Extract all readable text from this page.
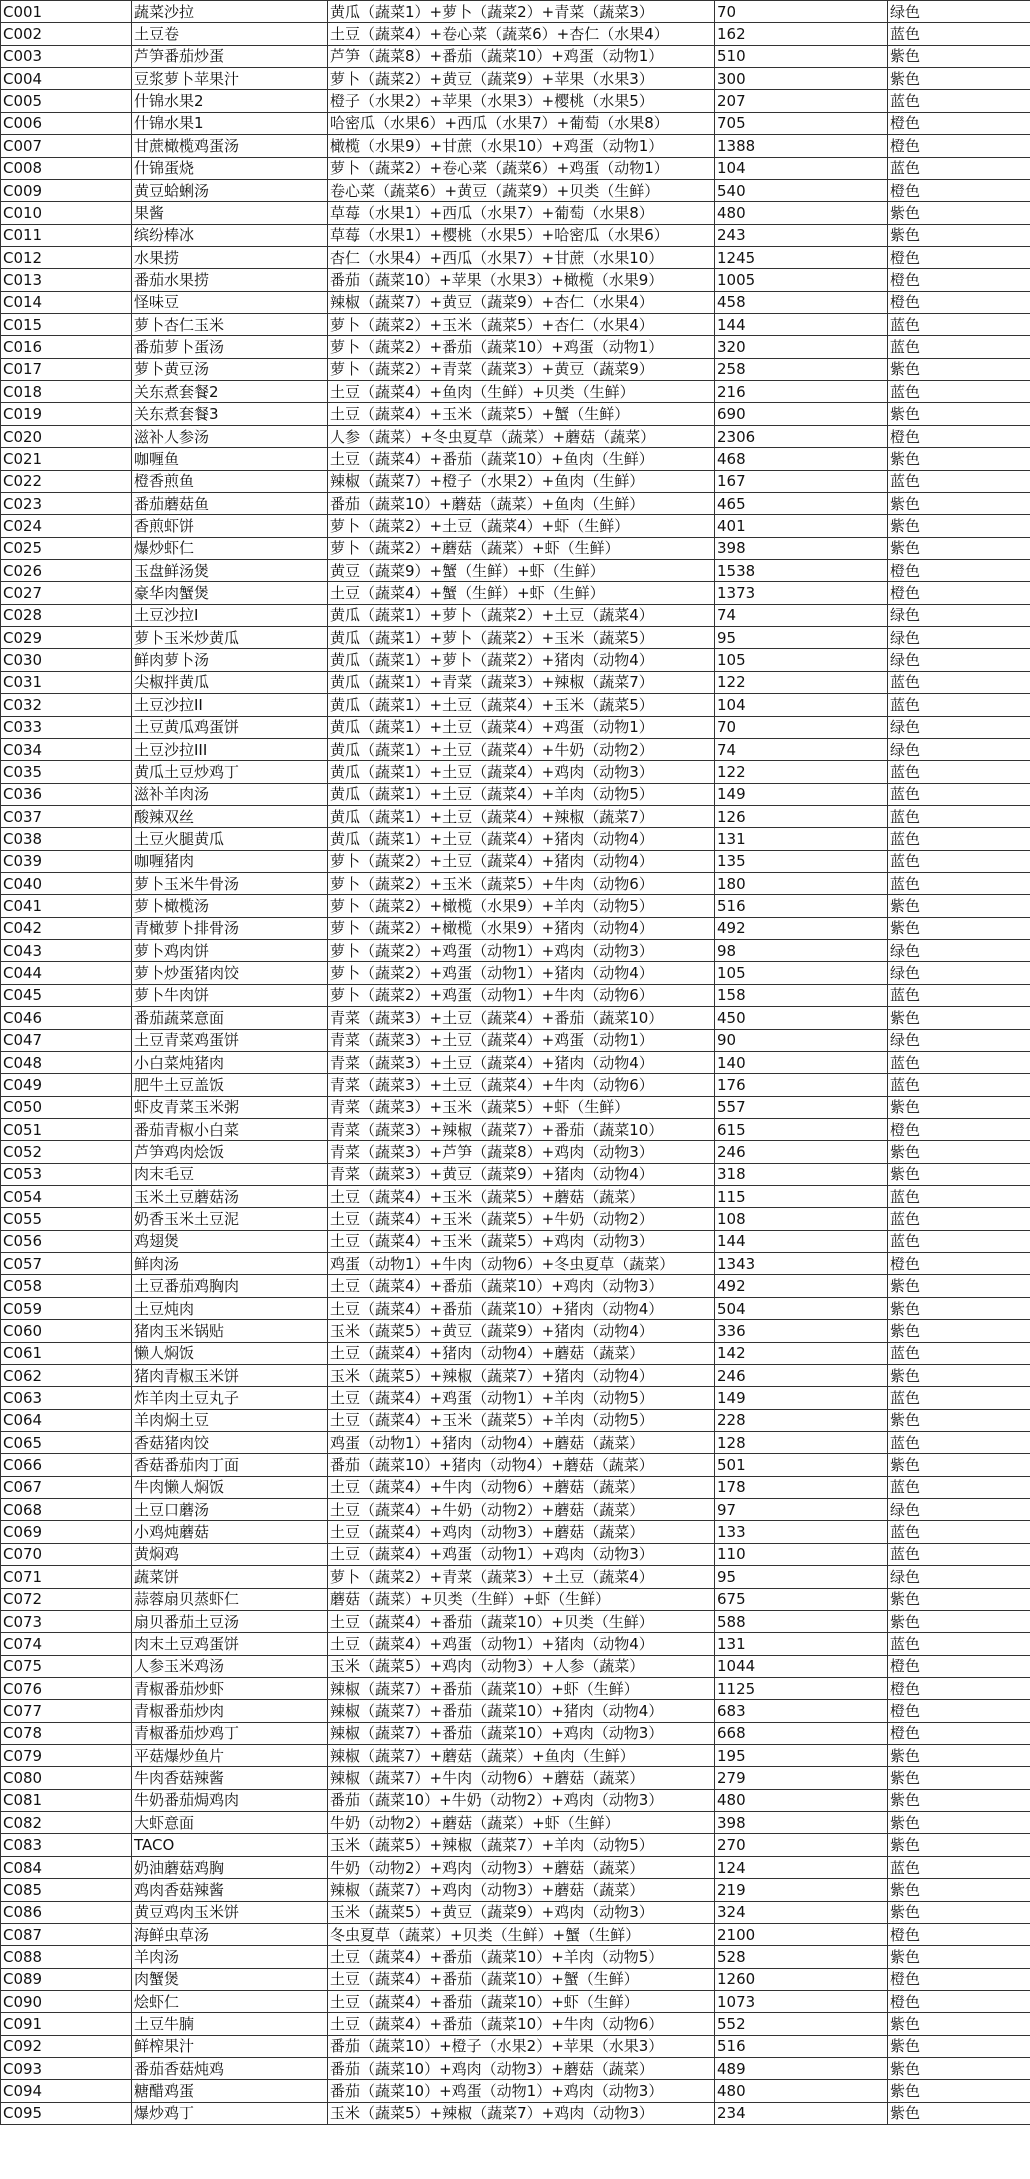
C001	蔬菜沙拉	黄瓜（蔬菜1）+萝卜（蔬菜2）+青菜（蔬菜3）	70	绿色
C002	土豆卷	土豆（蔬菜4）+卷心菜（蔬菜6）+杏仁（水果4）	162	蓝色
C003	芦笋番茄炒蛋	芦笋（蔬菜8）+番茄（蔬菜10）+鸡蛋（动物1）	510	紫色
C004	豆浆萝卜苹果汁	萝卜（蔬菜2）+黄豆（蔬菜9）+苹果（水果3）	300	紫色
C005	什锦水果2	橙子（水果2）+苹果（水果3）+樱桃（水果5）	207	蓝色
C006	什锦水果1	哈密瓜（水果6）+西瓜（水果7）+葡萄（水果8）	705	橙色
C007	甘蔗橄榄鸡蛋汤	橄榄（水果9）+甘蔗（水果10）+鸡蛋（动物1）	1388	橙色
C008	什锦蛋烧	萝卜（蔬菜2）+卷心菜（蔬菜6）+鸡蛋（动物1）	104	蓝色
C009	黄豆蛤蜊汤	卷心菜（蔬菜6）+黄豆（蔬菜9）+贝类（生鲜）	540	橙色
C010	果酱	草莓（水果1）+西瓜（水果7）+葡萄（水果8）	480	紫色
C011	缤纷棒冰	草莓（水果1）+樱桃（水果5）+哈密瓜（水果6）	243	紫色
C012	水果捞	杏仁（水果4）+西瓜（水果7）+甘蔗（水果10）	1245	橙色
C013	番茄水果捞	番茄（蔬菜10）+苹果（水果3）+橄榄（水果9）	1005	橙色
C014	怪味豆	辣椒（蔬菜7）+黄豆（蔬菜9）+杏仁（水果4）	458	橙色
C015	萝卜杏仁玉米	萝卜（蔬菜2）+玉米（蔬菜5）+杏仁（水果4）	144	蓝色
C016	番茄萝卜蛋汤	萝卜（蔬菜2）+番茄（蔬菜10）+鸡蛋（动物1）	320	蓝色
C017	萝卜黄豆汤	萝卜（蔬菜2）+青菜（蔬菜3）+黄豆（蔬菜9）	258	紫色
C018	关东煮套餐2	土豆（蔬菜4）+鱼肉（生鲜）+贝类（生鲜）	216	蓝色
C019	关东煮套餐3	土豆（蔬菜4）+玉米（蔬菜5）+蟹（生鲜）	690	紫色
C020	滋补人参汤	人参（蔬菜）+冬虫夏草（蔬菜）+蘑菇（蔬菜）	2306	橙色
C021	咖喱鱼	土豆（蔬菜4）+番茄（蔬菜10）+鱼肉（生鲜）	468	紫色
C022	橙香煎鱼	辣椒（蔬菜7）+橙子（水果2）+鱼肉（生鲜）	167	蓝色
C023	番茄蘑菇鱼	番茄（蔬菜10）+蘑菇（蔬菜）+鱼肉（生鲜）	465	紫色
C024	香煎虾饼	萝卜（蔬菜2）+土豆（蔬菜4）+虾（生鲜）	401	紫色
C025	爆炒虾仁	萝卜（蔬菜2）+蘑菇（蔬菜）+虾（生鲜）	398	紫色
C026	玉盘鲜汤煲	黄豆（蔬菜9）+蟹（生鲜）+虾（生鲜）	1538	橙色
C027	豪华肉蟹煲	土豆（蔬菜4）+蟹（生鲜）+虾（生鲜）	1373	橙色
C028	土豆沙拉I	黄瓜（蔬菜1）+萝卜（蔬菜2）+土豆（蔬菜4）	74	绿色
C029	萝卜玉米炒黄瓜	黄瓜（蔬菜1）+萝卜（蔬菜2）+玉米（蔬菜5）	95	绿色
C030	鲜肉萝卜汤	黄瓜（蔬菜1）+萝卜（蔬菜2）+猪肉（动物4）	105	绿色
C031	尖椒拌黄瓜	黄瓜（蔬菜1）+青菜（蔬菜3）+辣椒（蔬菜7）	122	蓝色
C032	土豆沙拉II	黄瓜（蔬菜1）+土豆（蔬菜4）+玉米（蔬菜5）	104	蓝色
C033	土豆黄瓜鸡蛋饼	黄瓜（蔬菜1）+土豆（蔬菜4）+鸡蛋（动物1）	70	绿色
C034	土豆沙拉III	黄瓜（蔬菜1）+土豆（蔬菜4）+牛奶（动物2）	74	绿色
C035	黄瓜土豆炒鸡丁	黄瓜（蔬菜1）+土豆（蔬菜4）+鸡肉（动物3）	122	蓝色
C036	滋补羊肉汤	黄瓜（蔬菜1）+土豆（蔬菜4）+羊肉（动物5）	149	蓝色
C037	酸辣双丝	黄瓜（蔬菜1）+土豆（蔬菜4）+辣椒（蔬菜7）	126	蓝色
C038	土豆火腿黄瓜	黄瓜（蔬菜1）+土豆（蔬菜4）+猪肉（动物4）	131	蓝色
C039	咖喱猪肉	萝卜（蔬菜2）+土豆（蔬菜4）+猪肉（动物4）	135	蓝色
C040	萝卜玉米牛骨汤	萝卜（蔬菜2）+玉米（蔬菜5）+牛肉（动物6）	180	蓝色
C041	萝卜橄榄汤	萝卜（蔬菜2）+橄榄（水果9）+羊肉（动物5）	516	紫色
C042	青橄萝卜排骨汤	萝卜（蔬菜2）+橄榄（水果9）+猪肉（动物4）	492	紫色
C043	萝卜鸡肉饼	萝卜（蔬菜2）+鸡蛋（动物1）+鸡肉（动物3）	98	绿色
C044	萝卜炒蛋猪肉饺	萝卜（蔬菜2）+鸡蛋（动物1）+猪肉（动物4）	105	绿色
C045	萝卜牛肉饼	萝卜（蔬菜2）+鸡蛋（动物1）+牛肉（动物6）	158	蓝色
C046	番茄蔬菜意面	青菜（蔬菜3）+土豆（蔬菜4）+番茄（蔬菜10）	450	紫色
C047	土豆青菜鸡蛋饼	青菜（蔬菜3）+土豆（蔬菜4）+鸡蛋（动物1）	90	绿色
C048	小白菜炖猪肉	青菜（蔬菜3）+土豆（蔬菜4）+猪肉（动物4）	140	蓝色
C049	肥牛土豆盖饭	青菜（蔬菜3）+土豆（蔬菜4）+牛肉（动物6）	176	蓝色
C050	虾皮青菜玉米粥	青菜（蔬菜3）+玉米（蔬菜5）+虾（生鲜）	557	紫色
C051	番茄青椒小白菜	青菜（蔬菜3）+辣椒（蔬菜7）+番茄（蔬菜10）	615	橙色
C052	芦笋鸡肉烩饭	青菜（蔬菜3）+芦笋（蔬菜8）+鸡肉（动物3）	246	紫色
C053	肉末毛豆	青菜（蔬菜3）+黄豆（蔬菜9）+猪肉（动物4）	318	紫色
C054	玉米土豆蘑菇汤	土豆（蔬菜4）+玉米（蔬菜5）+蘑菇（蔬菜）	115	蓝色
C055	奶香玉米土豆泥	土豆（蔬菜4）+玉米（蔬菜5）+牛奶（动物2）	108	蓝色
C056	鸡翅煲	土豆（蔬菜4）+玉米（蔬菜5）+鸡肉（动物3）	144	蓝色
C057	鲜肉汤	鸡蛋（动物1）+牛肉（动物6）+冬虫夏草（蔬菜）	1343	橙色
C058	土豆番茄鸡胸肉	土豆（蔬菜4）+番茄（蔬菜10）+鸡肉（动物3）	492	紫色
C059	土豆炖肉	土豆（蔬菜4）+番茄（蔬菜10）+猪肉（动物4）	504	紫色
C060	猪肉玉米锅贴	玉米（蔬菜5）+黄豆（蔬菜9）+猪肉（动物4）	336	紫色
C061	懒人焖饭	土豆（蔬菜4）+猪肉（动物4）+蘑菇（蔬菜）	142	蓝色
C062	猪肉青椒玉米饼	玉米（蔬菜5）+辣椒（蔬菜7）+猪肉（动物4）	246	紫色
C063	炸羊肉土豆丸子	土豆（蔬菜4）+鸡蛋（动物1）+羊肉（动物5）	149	蓝色
C064	羊肉焖土豆	土豆（蔬菜4）+玉米（蔬菜5）+羊肉（动物5）	228	紫色
C065	香菇猪肉饺	鸡蛋（动物1）+猪肉（动物4）+蘑菇（蔬菜）	128	蓝色
C066	香菇番茄肉丁面	番茄（蔬菜10）+猪肉（动物4）+蘑菇（蔬菜）	501	紫色
C067	牛肉懒人焖饭	土豆（蔬菜4）+牛肉（动物6）+蘑菇（蔬菜）	178	蓝色
C068	土豆口蘑汤	土豆（蔬菜4）+牛奶（动物2）+蘑菇（蔬菜）	97	绿色
C069	小鸡炖蘑菇	土豆（蔬菜4）+鸡肉（动物3）+蘑菇（蔬菜）	133	蓝色
C070	黄焖鸡	土豆（蔬菜4）+鸡蛋（动物1）+鸡肉（动物3）	110	蓝色
C071	蔬菜饼	萝卜（蔬菜2）+青菜（蔬菜3）+土豆（蔬菜4）	95	绿色
C072	蒜蓉扇贝蒸虾仁	蘑菇（蔬菜）+贝类（生鲜）+虾（生鲜）	675	紫色
C073	扇贝番茄土豆汤	土豆（蔬菜4）+番茄（蔬菜10）+贝类（生鲜）	588	紫色
C074	肉末土豆鸡蛋饼	土豆（蔬菜4）+鸡蛋（动物1）+猪肉（动物4）	131	蓝色
C075	人参玉米鸡汤	玉米（蔬菜5）+鸡肉（动物3）+人参（蔬菜）	1044	橙色
C076	青椒番茄炒虾	辣椒（蔬菜7）+番茄（蔬菜10）+虾（生鲜）	1125	橙色
C077	青椒番茄炒肉	辣椒（蔬菜7）+番茄（蔬菜10）+猪肉（动物4）	683	橙色
C078	青椒番茄炒鸡丁	辣椒（蔬菜7）+番茄（蔬菜10）+鸡肉（动物3）	668	橙色
C079	平菇爆炒鱼片	辣椒（蔬菜7）+蘑菇（蔬菜）+鱼肉（生鲜）	195	紫色
C080	牛肉香菇辣酱	辣椒（蔬菜7）+牛肉（动物6）+蘑菇（蔬菜）	279	紫色
C081	牛奶番茄焗鸡肉	番茄（蔬菜10）+牛奶（动物2）+鸡肉（动物3）	480	紫色
C082	大虾意面	牛奶（动物2）+蘑菇（蔬菜）+虾（生鲜）	398	紫色
C083	TACO	玉米（蔬菜5）+辣椒（蔬菜7）+羊肉（动物5）	270	紫色
C084	奶油蘑菇鸡胸	牛奶（动物2）+鸡肉（动物3）+蘑菇（蔬菜）	124	蓝色
C085	鸡肉香菇辣酱	辣椒（蔬菜7）+鸡肉（动物3）+蘑菇（蔬菜）	219	紫色
C086	黄豆鸡肉玉米饼	玉米（蔬菜5）+黄豆（蔬菜9）+鸡肉（动物3）	324	紫色
C087	海鲜虫草汤	冬虫夏草（蔬菜）+贝类（生鲜）+蟹（生鲜）	2100	橙色
C088	羊肉汤	土豆（蔬菜4）+番茄（蔬菜10）+羊肉（动物5）	528	紫色
C089	肉蟹煲	土豆（蔬菜4）+番茄（蔬菜10）+蟹（生鲜）	1260	橙色
C090	烩虾仁	土豆（蔬菜4）+番茄（蔬菜10）+虾（生鲜）	1073	橙色
C091	土豆牛腩	土豆（蔬菜4）+番茄（蔬菜10）+牛肉（动物6）	552	紫色
C092	鲜榨果汁	番茄（蔬菜10）+橙子（水果2）+苹果（水果3）	516	紫色
C093	番茄香菇炖鸡	番茄（蔬菜10）+鸡肉（动物3）+蘑菇（蔬菜）	489	紫色
C094	糖醋鸡蛋	番茄（蔬菜10）+鸡蛋（动物1）+鸡肉（动物3）	480	紫色
C095	爆炒鸡丁	玉米（蔬菜5）+辣椒（蔬菜7）+鸡肉（动物3）	234	紫色
